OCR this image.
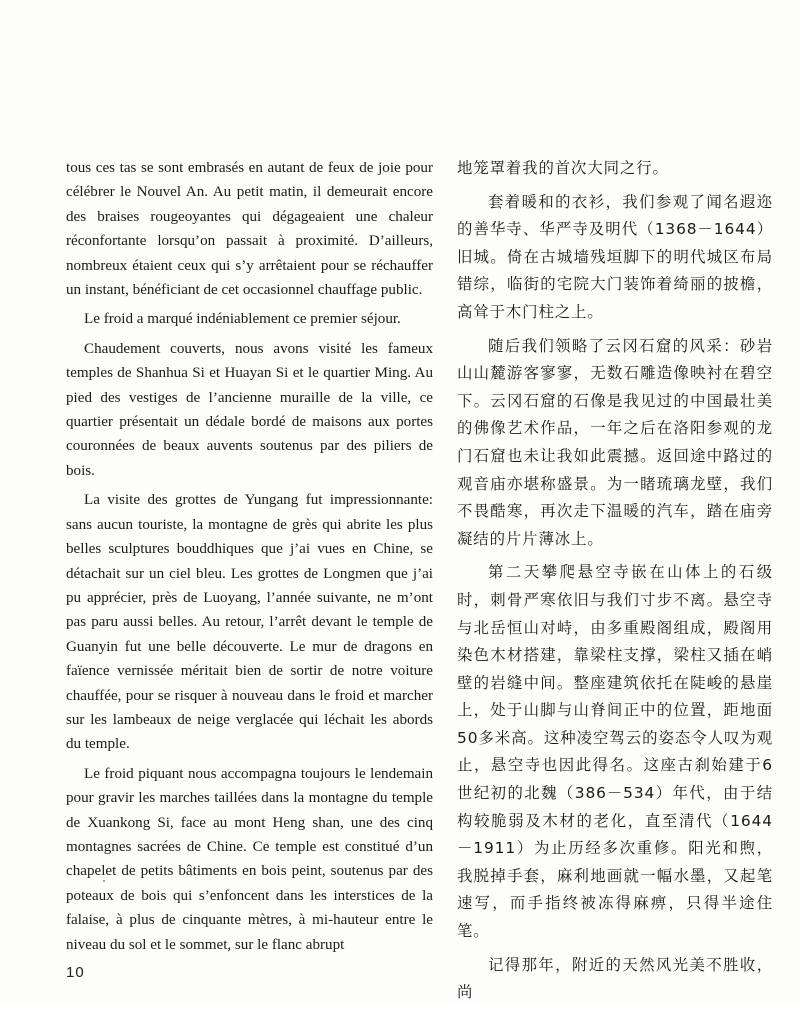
tous ces tas se sont embrasés en autant de feux de joie pour célébrer le Nouvel An. Au petit matin, il demeurait encore des braises rougeoyantes qui dégageaient une chaleur réconfortante lorsqu’on passait à proximité. D’ailleurs, nombreux étaient ceux qui s’y arrêtaient pour se réchauffer un instant, bénéficiant de cet occasionnel chauffage public.

Le froid a marqué indéniablement ce premier séjour.

Chaudement couverts, nous avons visité les fameux temples de Shanhua Si et Huayan Si et le quartier Ming. Au pied des vestiges de l’ancienne muraille de la ville, ce quartier présentait un dédale bordé de maisons aux portes couronnées de beaux auvents soutenus par des piliers de bois.

La visite des grottes de Yungang fut impressionnante: sans aucun touriste, la montagne de grès qui abrite les plus belles sculptures bouddhiques que j’ai vues en Chine, se détachait sur un ciel bleu. Les grottes de Longmen que j’ai pu apprécier, près de Luoyang, l’année suivante, ne m’ont pas paru aussi belles. Au retour, l’arrêt devant le temple de Guanyin fut une belle découverte. Le mur de dragons en faïence vernissée méritait bien de sortir de notre voiture chauffée, pour se risquer à nouveau dans le froid et marcher sur les lambeaux de neige verglacée qui léchait les abords du temple.

Le froid piquant nous accompagna toujours le lendemain pour gravir les marches taillées dans la montagne du temple de Xuankong Si, face au mont Heng shan, une des cinq montagnes sacrées de Chine. Ce temple est constitué d’un chapelet de petits bâtiments en bois peint, soutenus par des poteaux de bois qui s’enfoncent dans les interstices de la falaise, à plus de cinquante mètres, à mi-hauteur entre le niveau du sol et le sommet, sur le flanc abrupt

地笼罩着我的首次大同之行。

套着暖和的衣衫，我们参观了闻名遐迩的善华寺、华严寺及明代（1368－1644）旧城。倚在古城墙残垣脚下的明代城区布局错综，临街的宅院大门装饰着绮丽的披檐，高耸于木门柱之上。

随后我们领略了云冈石窟的风采：砂岩山山麓游客寥寥，无数石雕造像映衬在碧空下。云冈石窟的石像是我见过的中国最壮美的佛像艺术作品，一年之后在洛阳参观的龙门石窟也未让我如此震撼。返回途中路过的观音庙亦堪称盛景。为一睹琉璃龙壁，我们不畏酷寒，再次走下温暖的汽车，踏在庙旁凝结的片片薄冰上。

第二天攀爬悬空寺嵌在山体上的石级时，刺骨严寒依旧与我们寸步不离。悬空寺与北岳恒山对峙，由多重殿阁组成，殿阁用染色木材搭建，靠梁柱支撑，梁柱又插在峭壁的岩缝中间。整座建筑依托在陡峻的悬崖上，处于山脚与山脊间正中的位置，距地面50多米高。这种凌空驾云的姿态令人叹为观止，悬空寺也因此得名。这座古刹始建于6世纪初的北魏（386－534）年代，由于结构较脆弱及木材的老化，直至清代（1644－1911）为止历经多次重修。阳光和煦，我脱掉手套，麻利地画就一幅水墨，又起笔速写，而手指终被冻得麻痹，只得半途住笔。

记得那年，附近的天然风光美不胜收，尚

10
